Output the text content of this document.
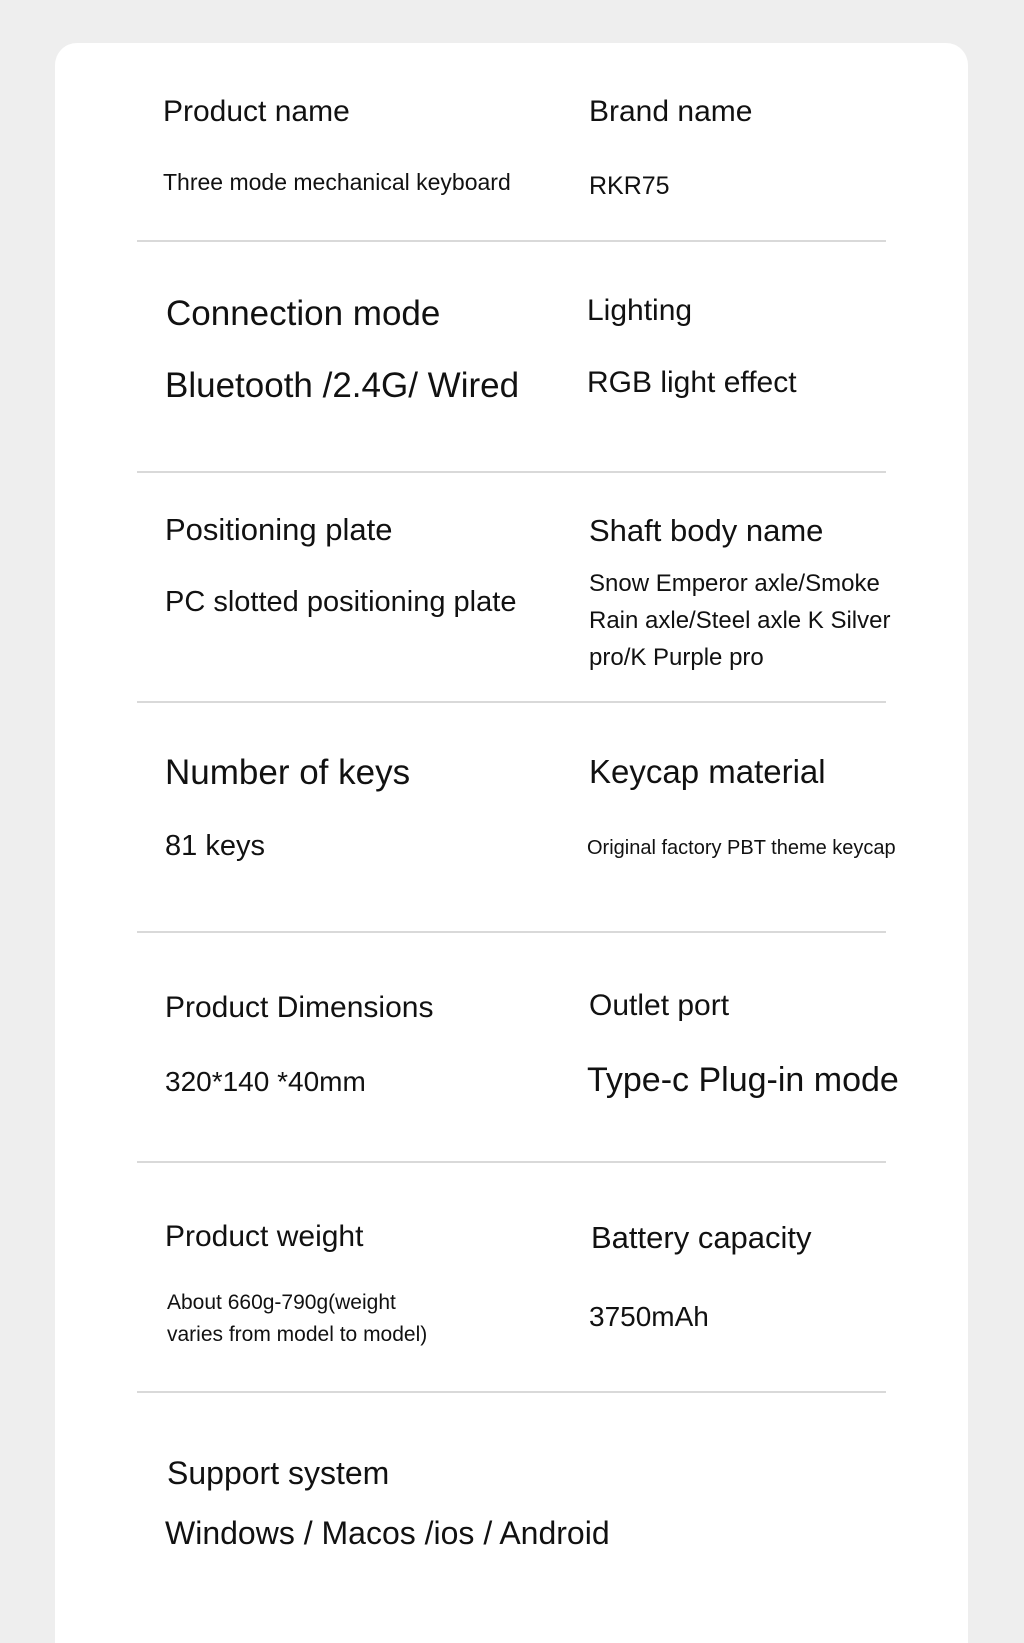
Product name
Three mode mechanical keyboard
Brand name
RKR75
Connection mode
Bluetooth /2.4G/ Wired
Lighting
RGB light effect
Positioning plate
PC slotted positioning plate
Shaft body name
Snow Emperor axle/Smoke
Rain axle/Steel axle K Silver
pro/K Purple pro
Number of keys
81 keys
Keycap material
Original factory PBT theme keycap
Product Dimensions
320*140 *40mm
Outlet port
Type-c Plug-in mode
Product weight
About 660g-790g(weight
varies from model to model)
Battery capacity
3750mAh
Support system
Windows / Macos /ios / Android
